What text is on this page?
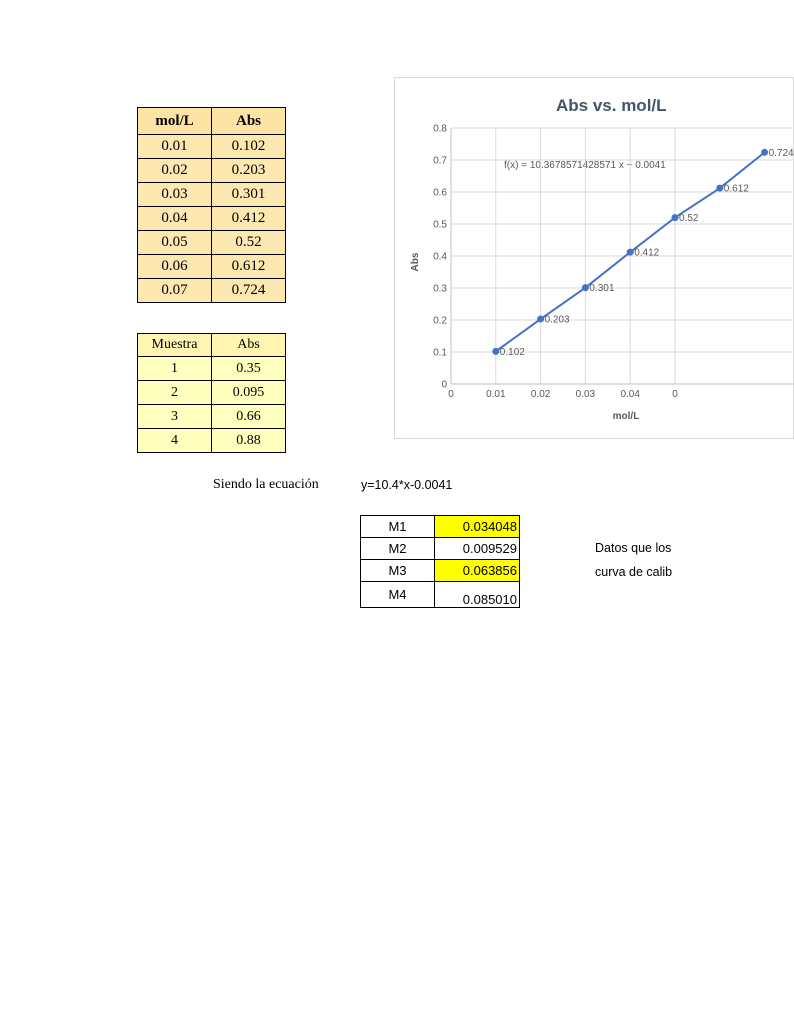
mol/L	Abs
0.01	0.102
0.02	0.203
0.03	0.301
0.04	0.412
0.05	0.52
0.06	0.612
0.07	0.724
Muestra	Abs
1	0.35
2	0.095
3	0.66
4	0.88
Siendo la ecuación	y=10.4*x-0.0041
M1	0.034048
M2	0.009529
M3	0.063856
M4	0.085010
Datos que los
curva de calib
Abs vs. mol/L
f(x) = 10.3678571428571 x − 0.0041
0
0.1
0.2
0.3
0.4
0.5
0.6
0.7
0.8
0	0.01	0.02	0.03	0.04	0
Abs
mol/L
0.102
0.203
0.301
0.412
0.52
0.612
0.724
